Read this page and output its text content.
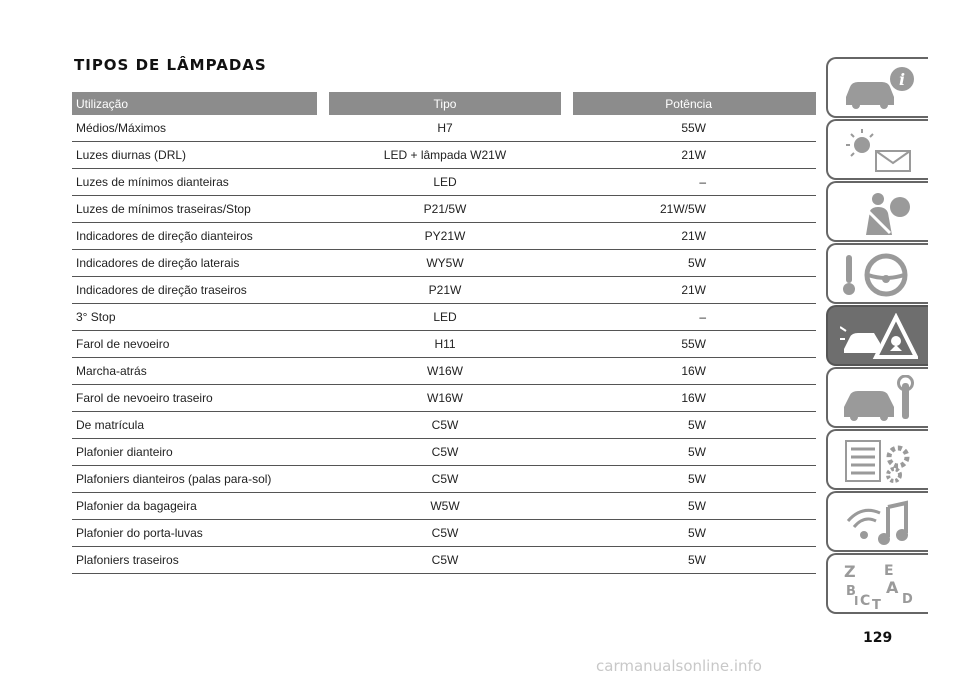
TIPOS DE LÂMPADAS
Utilização	Tipo	Potência
Médios/Máximos	H7	55W
Luzes diurnas (DRL)	LED + lâmpada W21W	21W
Luzes de mínimos dianteiras	LED	–
Luzes de mínimos traseiras/Stop	P21/5W	21W/5W
Indicadores de direção dianteiros	PY21W	21W
Indicadores de direção laterais	WY5W	5W
Indicadores de direção traseiros	P21W	21W
3° Stop	LED	–
Farol de nevoeiro	H11	55W
Marcha-atrás	W16W	16W
Farol de nevoeiro traseiro	W16W	16W
De matrícula	C5W	5W
Plafonier dianteiro	C5W	5W
Plafoniers dianteiros (palas para-sol)	C5W	5W
Plafonier da bagageira	W5W	5W
Plafonier do porta-luvas	C5W	5W
Plafoniers traseiros	C5W	5W
i
Z E
B A
C D
I T
129
carmanualsonline.info
